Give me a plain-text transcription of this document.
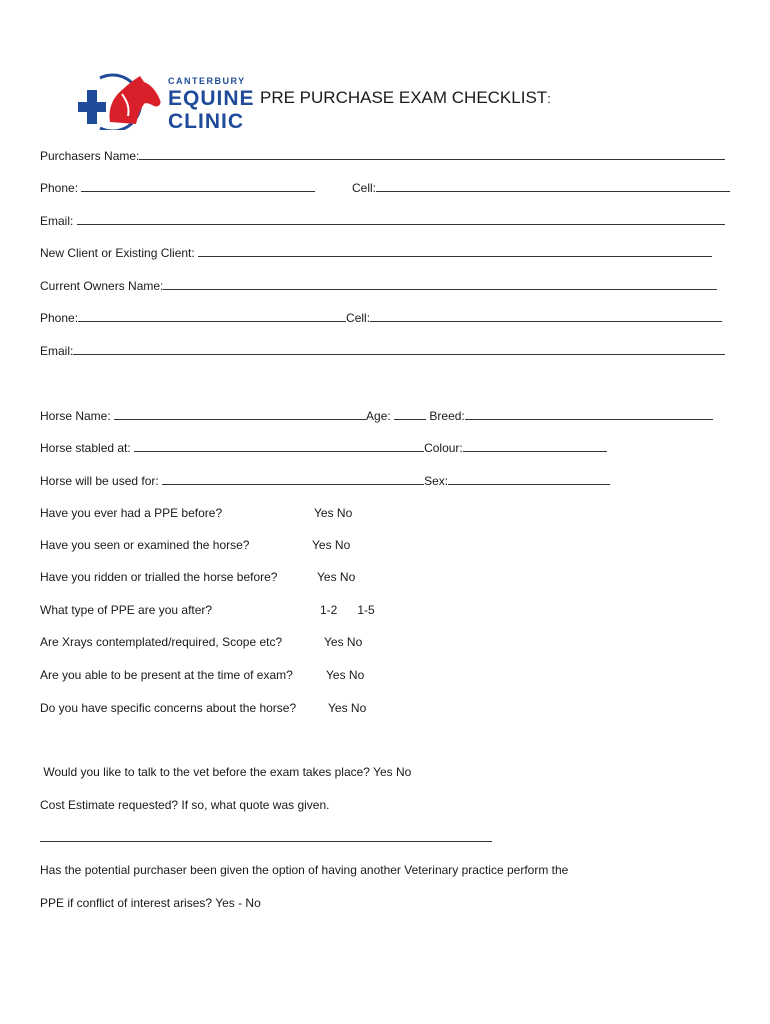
CANTERBURY
EQUINE
CLINIC
PRE PURCHASE EXAM CHECKLIST:
Purchasers Name:
Phone:	Cell:
Email:
New Client or Existing Client:
Current Owners Name:
Phone:	Cell:
Email:
Horse Name:	Age:	Breed:
Horse stabled at:	Colour:
Horse will be used for:	Sex:
Have you ever had a PPE before?	Yes No
Have you seen or examined the horse?	Yes No
Have you ridden or trialled the horse before?	Yes No
What type of PPE are you after?	1-2      1-5
Are Xrays contemplated/required, Scope etc?	Yes No
Are you able to be present at the time of exam?	Yes No
Do you have specific concerns about the horse?	Yes No
Would you like to talk to the vet before the exam takes place? Yes No
Cost Estimate requested? If so, what quote was given.
Has the potential purchaser been given the option of having another Veterinary practice perform the
PPE if conflict of interest arises? Yes - No
